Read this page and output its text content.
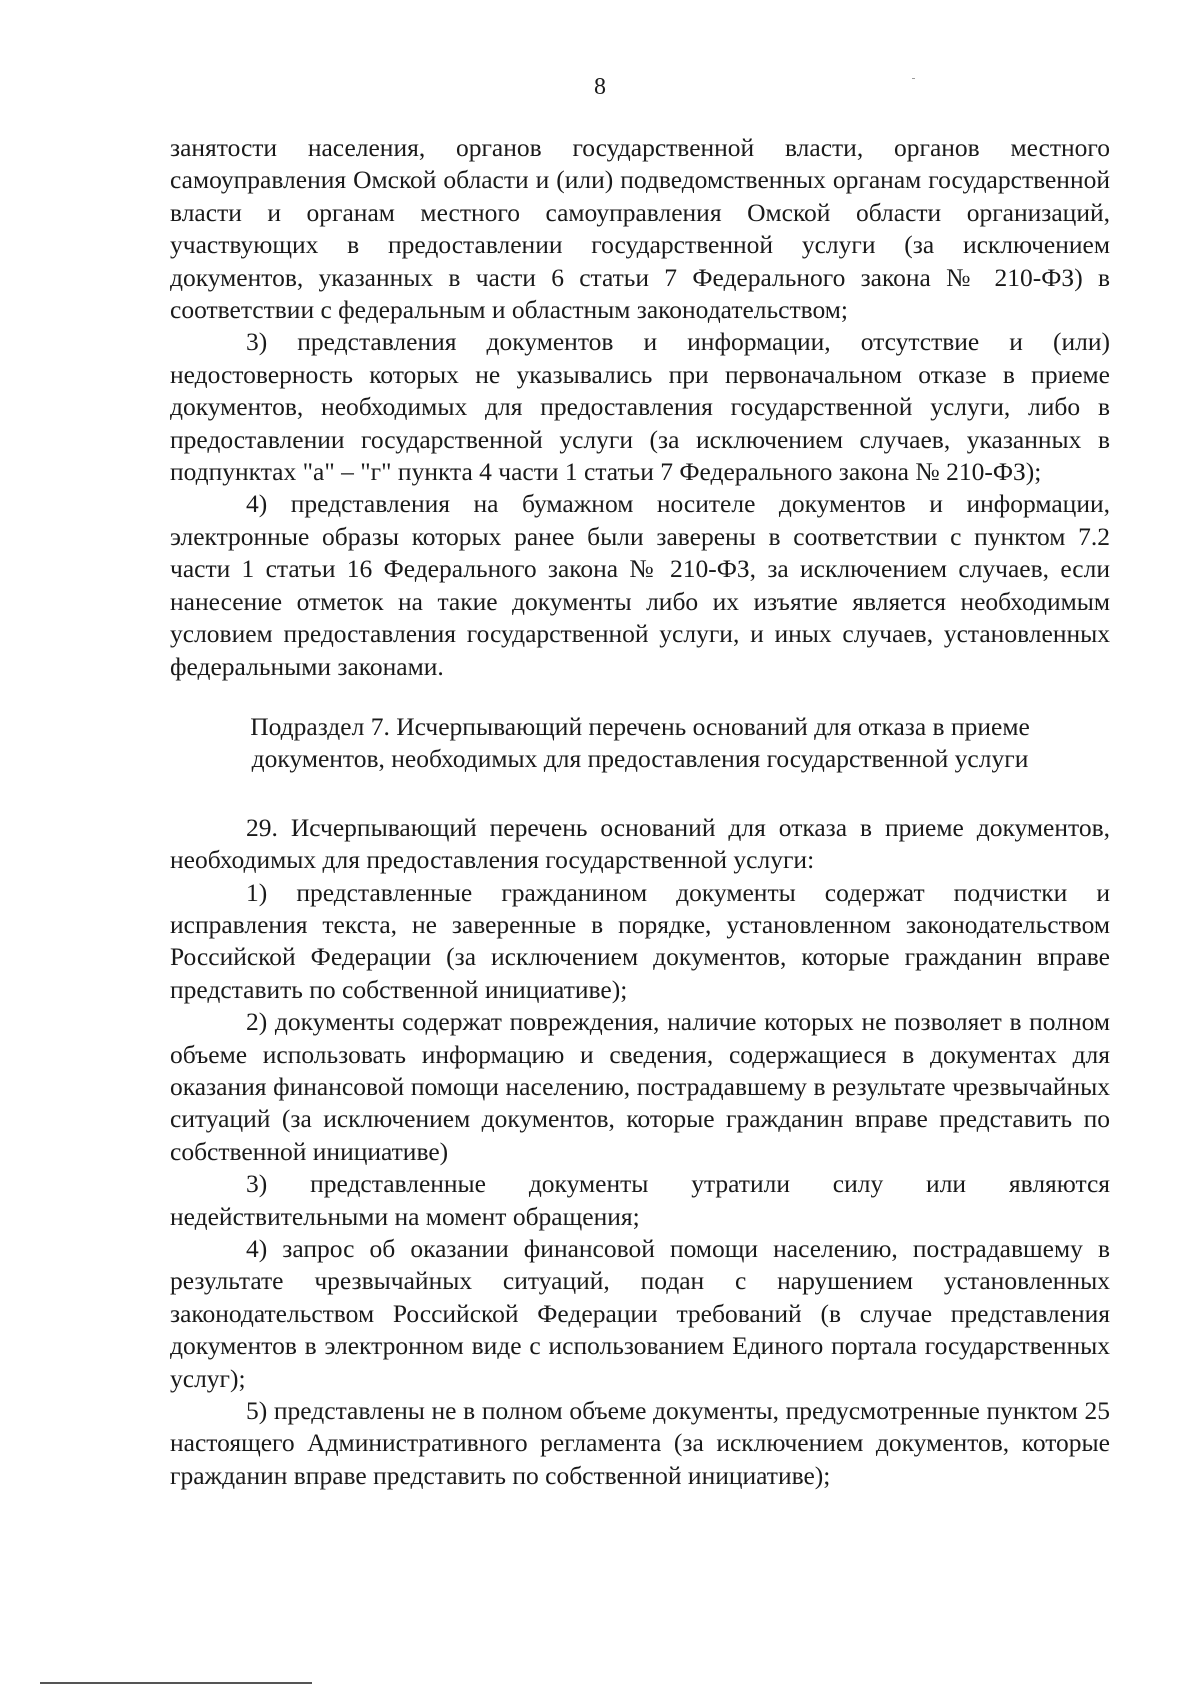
8

занятости населения, органов государственной власти, органов местного самоуправления Омской области и (или) подведомственных органам государственной власти и органам местного самоуправления Омской области организаций, участвующих в предоставлении государственной услуги (за исключением документов, указанных в части 6 статьи 7 Федерального закона № 210-ФЗ) в соответствии с федеральным и областным законодательством;

3) представления документов и информации, отсутствие и (или) недостоверность которых не указывались при первоначальном отказе в приеме документов, необходимых для предоставления государственной услуги, либо в предоставлении государственной услуги (за исключением случаев, указанных в подпунктах "а" – "г" пункта 4 части 1 статьи 7 Федерального закона № 210-ФЗ);

4) представления на бумажном носителе документов и информации, электронные образы которых ранее были заверены в соответствии с пунктом 7.2 части 1 статьи 16 Федерального закона № 210-ФЗ, за исключением случаев, если нанесение отметок на такие документы либо их изъятие является необходимым условием предоставления государственной услуги, и иных случаев, установленных федеральными законами.

Подраздел 7. Исчерпывающий перечень оснований для отказа в приеме
документов, необходимых для предоставления государственной услуги

29. Исчерпывающий перечень оснований для отказа в приеме документов, необходимых для предоставления государственной услуги:

1) представленные гражданином документы содержат подчистки и исправления текста, не заверенные в порядке, установленном законодательством Российской Федерации (за исключением документов, которые гражданин вправе представить по собственной инициативе);

2) документы содержат повреждения, наличие которых не позволяет в полном объеме использовать информацию и сведения, содержащиеся в документах для оказания финансовой помощи населению, пострадавшему в результате чрезвычайных ситуаций (за исключением документов, которые гражданин вправе представить по собственной инициативе)

3) представленные документы утратили силу или являются недействительными на момент обращения;

4) запрос об оказании финансовой помощи населению, пострадавшему в результате чрезвычайных ситуаций, подан с нарушением установленных законодательством Российской Федерации требований (в случае представления документов в электронном виде с использованием Единого портала государственных услуг);

5) представлены не в полном объеме документы, предусмотренные пунктом 25 настоящего Административного регламента (за исключением документов, которые гражданин вправе представить по собственной инициативе);
